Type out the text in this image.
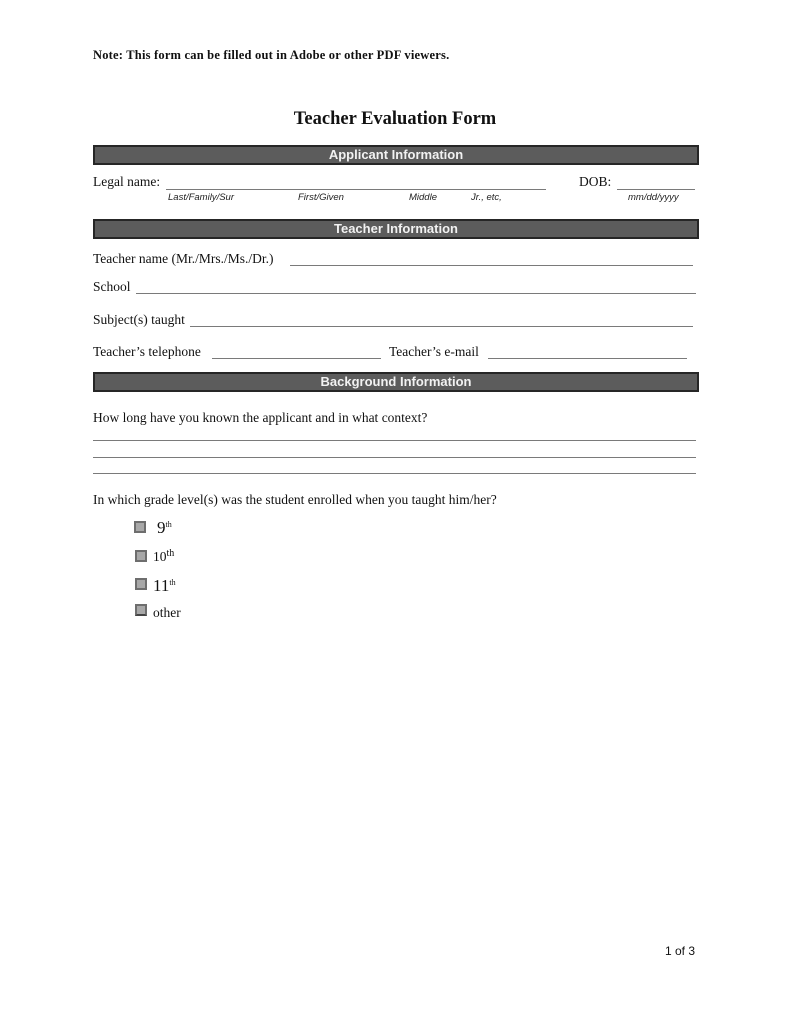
Note: This form can be filled out in Adobe or other PDF viewers.
Teacher Evaluation Form
Applicant Information
Legal name:
Last/Family/Sur	First/Given	Middle	Jr., etc,
DOB:
mm/dd/yyyy
Teacher Information
Teacher name (Mr./Mrs./Ms./Dr.)
School
Subject(s) taught
Teacher’s telephone	Teacher’s e-mail
Background Information
How long have you known the applicant and in what context?
In which grade level(s) was the student enrolled when you taught him/her?
9th
10th
11th
other
1 of 3
